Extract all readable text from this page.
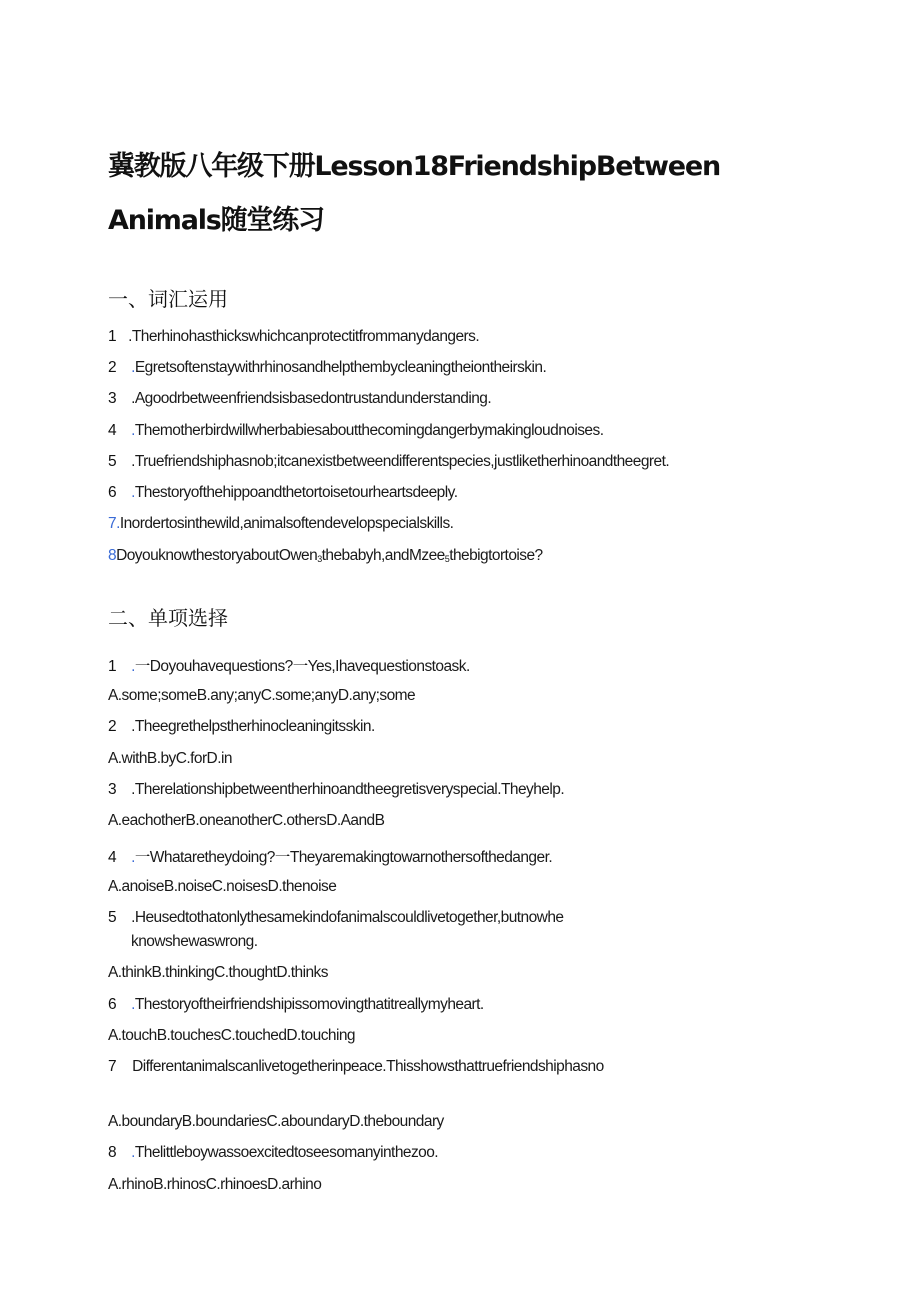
冀教版八年级下册Lesson18FriendshipBetween
Animals随堂练习
一、词汇运用
1 .Therhinohasthickswhichcanprotectitfrommanydangers.
2 .Egretsoftenstaywithrhinosandhelpthembycleaningtheiontheirskin.
3 .Agoodrbetweenfriendsisbasedontrustandunderstanding.
4 .Themotherbirdwillwherbabiesaboutthecomingdangerbymakingloudnoises.
5 .Truefriendshiphasnob;itcanexistbetweendifferentspecies,justliketherhinoandtheegret.
6 .Thestoryofthehippoandthetortoisetourheartsdeeply.
7.Inordertosinthewild,animalsoftendevelopspecialskills.
8DoyouknowthestoryaboutOwen$_3$thebabyh,andMzee$_5$thebigtortoise?
二、单项选择
1 .一Doyouhavequestions?一Yes,Ihavequestionstoask.
A.some;someB.any;anyC.some;anyD.any;some
2 .Theegrethelpstherhinocleaningitsskin.
A.withB.byC.forD.in
3 .Therelationshipbetweentherhinoandtheegretisveryspecial.Theyhelp.
A.eachotherB.oneanotherC.othersD.AandB
4 .一Whataretheydoing?一Theyaremakingtowarnothersofthedanger.
A.anoiseB.noiseC.noisesD.thenoise
5 .Heusedtothatonlythesamekindofanimalscouldlivetogether,butnowhe
knowshewaswrong.
A.thinkB.thinkingC.thoughtD.thinks
6 .Thestoryoftheirfriendshipissomovingthatitreallymyheart.
A.touchB.touchesC.touchedD.touching
7 Differentanimalscanlivetogetherinpeace.Thisshowsthattruefriendshiphasno
A.boundaryB.boundariesC.aboundaryD.theboundary
8 .Thelittleboywassoexcitedtoseesomanyinthezoo.
A.rhinoB.rhinosC.rhinoesD.arhino
